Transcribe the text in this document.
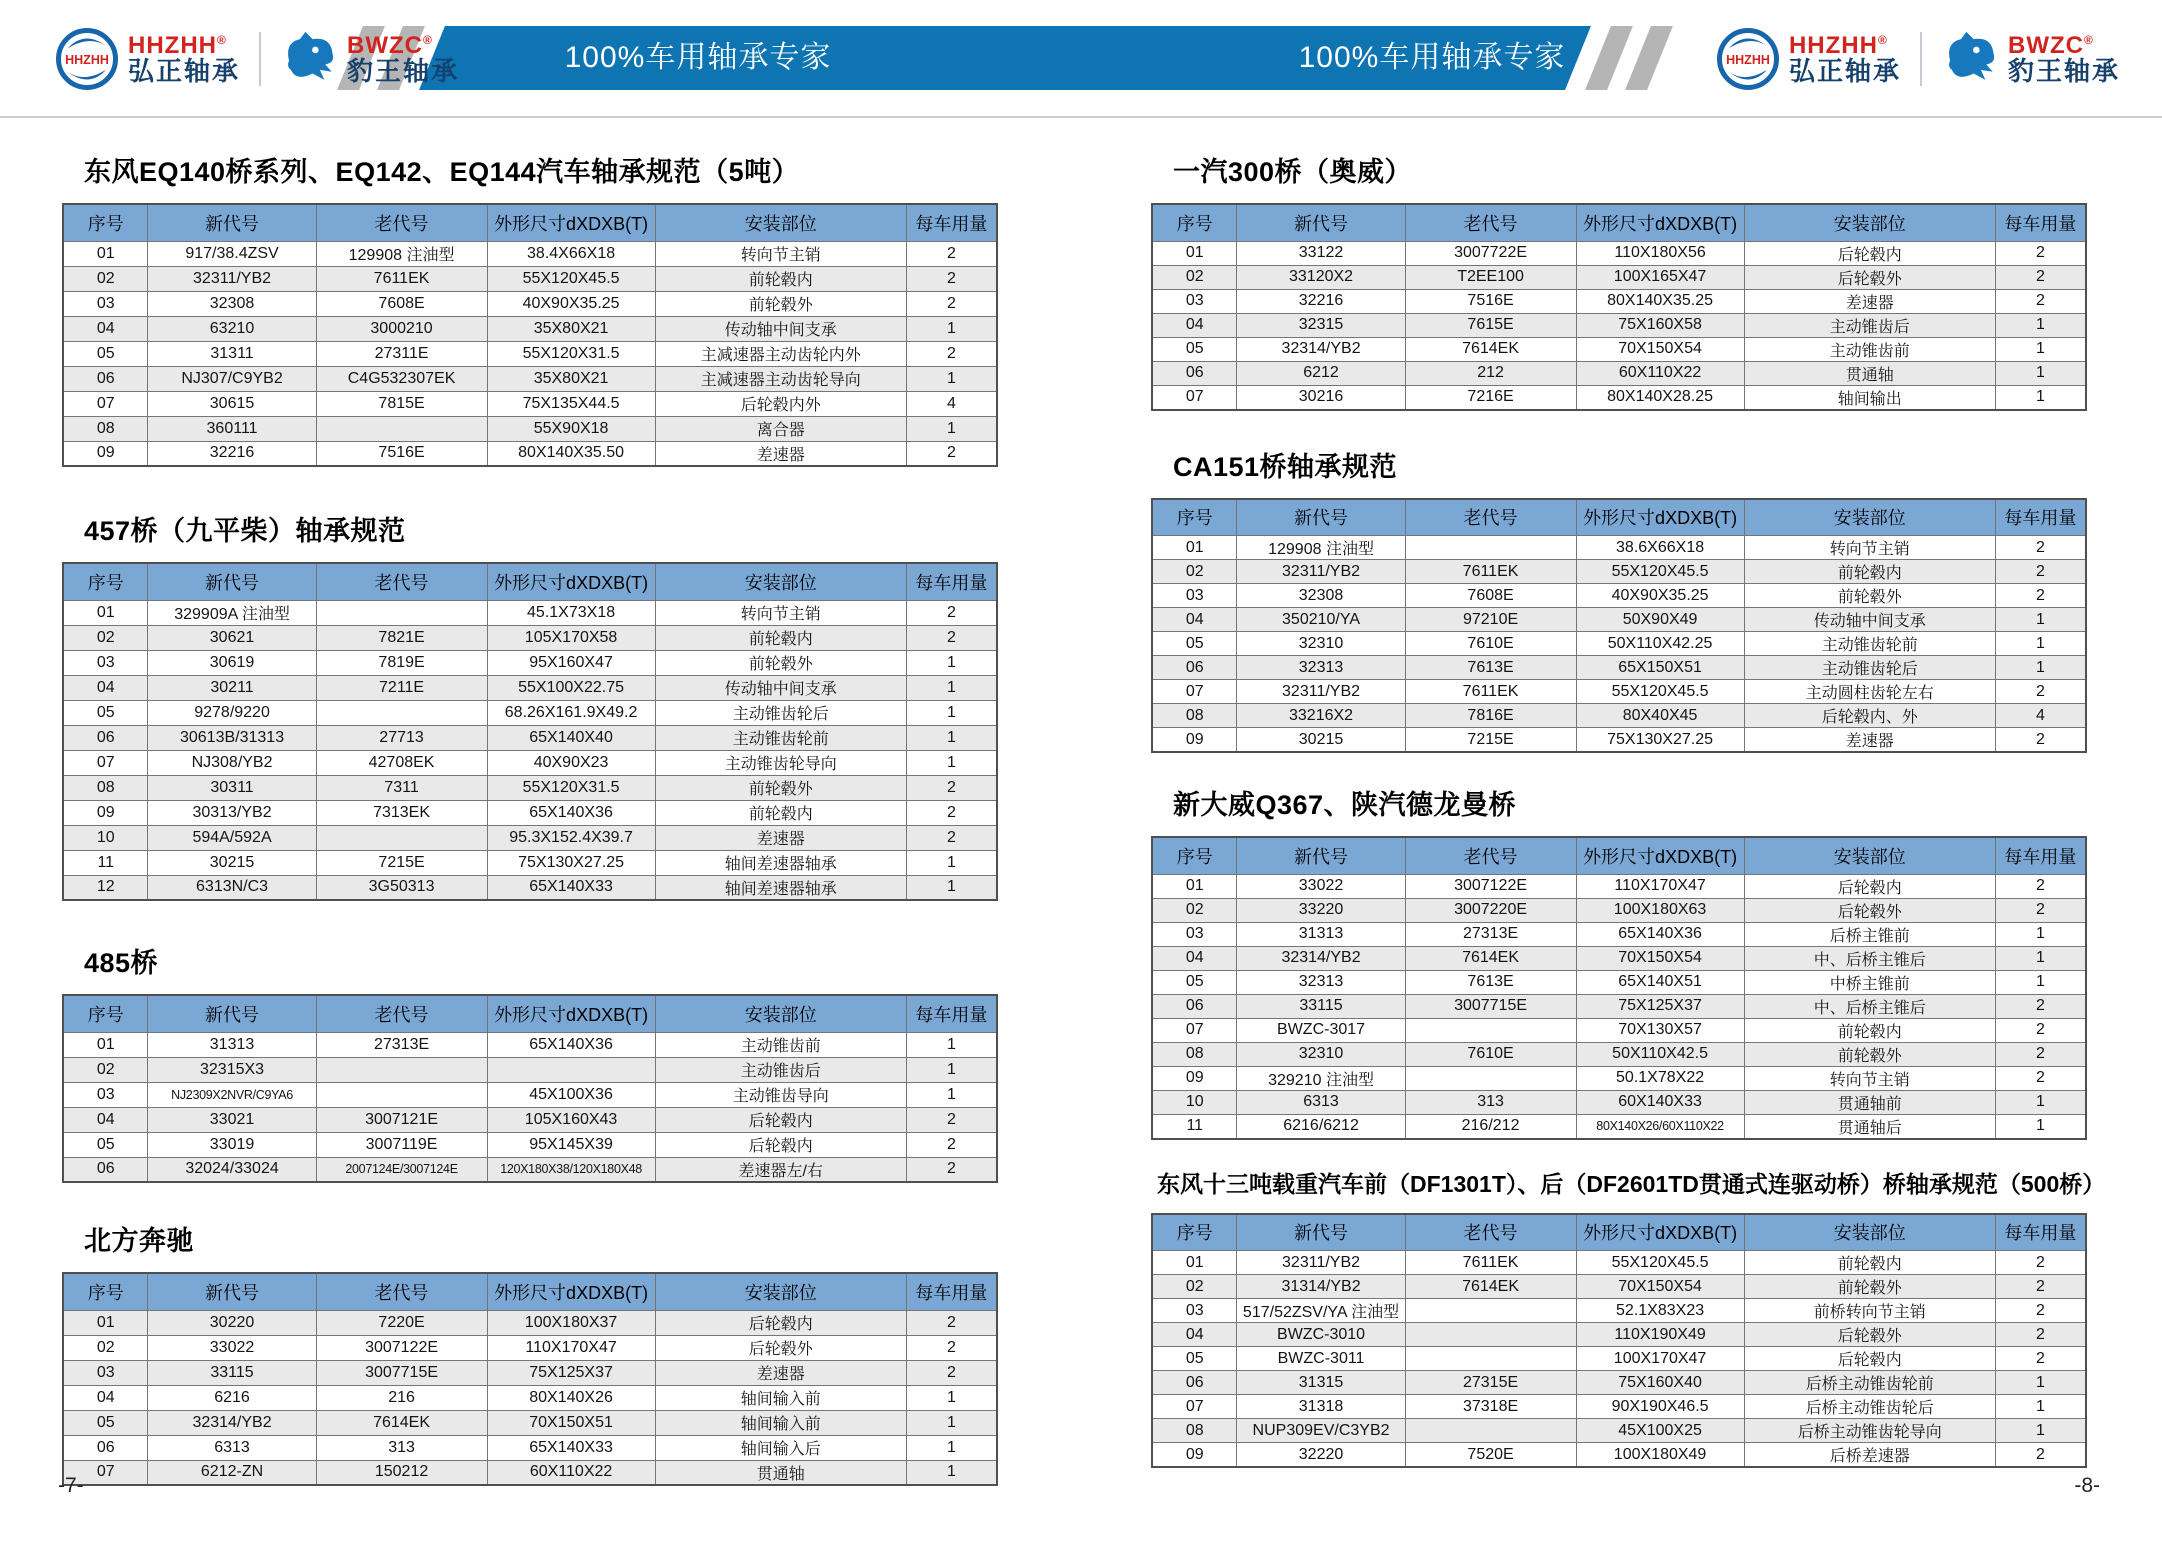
100%车用轴承专家	100%车用轴承专家
HHZHH
HHZHH®
弘正轴承
BWZC®
豹王轴承	HHZHH
HHZHH®
弘正轴承
BWZC®
豹王轴承
东风EQ140桥系列、EQ142、EQ144汽车轴承规范（5吨）
序号	新代号	老代号	外形尺寸dXDXB(T)	安装部位	每车用量
01	917/38.4ZSV	129908 注油型	38.4X66X18	转向节主销	2
02	32311/YB2	7611EK	55X120X45.5	前轮毂内	2
03	32308	7608E	40X90X35.25	前轮毂外	2
04	63210	3000210	35X80X21	传动轴中间支承	1
05	31311	27311E	55X120X31.5	主减速器主动齿轮内外	2
06	NJ307/C9YB2	C4G532307EK	35X80X21	主减速器主动齿轮导向	1
07	30615	7815E	75X135X44.5	后轮毂内外	4
08	360111		55X90X18	离合器	1
09	32216	7516E	80X140X35.50	差速器	2
457桥（九平柴）轴承规范
序号	新代号	老代号	外形尺寸dXDXB(T)	安装部位	每车用量
01	329909A 注油型		45.1X73X18	转向节主销	2
02	30621	7821E	105X170X58	前轮毂内	2
03	30619	7819E	95X160X47	前轮毂外	1
04	30211	7211E	55X100X22.75	传动轴中间支承	1
05	9278/9220		68.26X161.9X49.2	主动锥齿轮后	1
06	30613B/31313	27713	65X140X40	主动锥齿轮前	1
07	NJ308/YB2	42708EK	40X90X23	主动锥齿轮导向	1
08	30311	7311	55X120X31.5	前轮毂外	2
09	30313/YB2	7313EK	65X140X36	前轮毂内	2
10	594A/592A		95.3X152.4X39.7	差速器	2
11	30215	7215E	75X130X27.25	轴间差速器轴承	1
12	6313N/C3	3G50313	65X140X33	轴间差速器轴承	1
485桥
序号	新代号	老代号	外形尺寸dXDXB(T)	安装部位	每车用量
01	31313	27313E	65X140X36	主动锥齿前	1
02	32315X3			主动锥齿后	1
03	NJ2309X2NVR/C9YA6		45X100X36	主动锥齿导向	1
04	33021	3007121E	105X160X43	后轮毂内	2
05	33019	3007119E	95X145X39	后轮毂内	2
06	32024/33024	2007124E/3007124E	120X180X38/120X180X48	差速器左/右	2
北方奔驰
序号	新代号	老代号	外形尺寸dXDXB(T)	安装部位	每车用量
01	30220	7220E	100X180X37	后轮毂内	2
02	33022	3007122E	110X170X47	后轮毂外	2
03	33115	3007715E	75X125X37	差速器	2
04	6216	216	80X140X26	轴间输入前	1
05	32314/YB2	7614EK	70X150X51	轴间输入前	1
06	6313	313	65X140X33	轴间输入后	1
07	6212-ZN	150212	60X110X22	贯通轴	1
一汽300桥（奥威）
序号	新代号	老代号	外形尺寸dXDXB(T)	安装部位	每车用量
01	33122	3007722E	110X180X56	后轮毂内	2
02	33120X2	T2EE100	100X165X47	后轮毂外	2
03	32216	7516E	80X140X35.25	差速器	2
04	32315	7615E	75X160X58	主动锥齿后	1
05	32314/YB2	7614EK	70X150X54	主动锥齿前	1
06	6212	212	60X110X22	贯通轴	1
07	30216	7216E	80X140X28.25	轴间输出	1
CA151桥轴承规范
序号	新代号	老代号	外形尺寸dXDXB(T)	安装部位	每车用量
01	129908 注油型		38.6X66X18	转向节主销	2
02	32311/YB2	7611EK	55X120X45.5	前轮毂内	2
03	32308	7608E	40X90X35.25	前轮毂外	2
04	350210/YA	97210E	50X90X49	传动轴中间支承	1
05	32310	7610E	50X110X42.25	主动锥齿轮前	1
06	32313	7613E	65X150X51	主动锥齿轮后	1
07	32311/YB2	7611EK	55X120X45.5	主动圆柱齿轮左右	2
08	33216X2	7816E	80X40X45	后轮毂内、外	4
09	30215	7215E	75X130X27.25	差速器	2
新大威Q367、陕汽德龙曼桥
序号	新代号	老代号	外形尺寸dXDXB(T)	安装部位	每车用量
01	33022	3007122E	110X170X47	后轮毂内	2
02	33220	3007220E	100X180X63	后轮毂外	2
03	31313	27313E	65X140X36	后桥主锥前	1
04	32314/YB2	7614EK	70X150X54	中、后桥主锥后	1
05	32313	7613E	65X140X51	中桥主锥前	1
06	33115	3007715E	75X125X37	中、后桥主锥后	2
07	BWZC-3017		70X130X57	前轮毂内	2
08	32310	7610E	50X110X42.5	前轮毂外	2
09	329210 注油型		50.1X78X22	转向节主销	2
10	6313	313	60X140X33	贯通轴前	1
11	6216/6212	216/212	80X140X26/60X110X22	贯通轴后	1
东风十三吨载重汽车前（DF1301T）、后（DF2601TD贯通式连驱动桥）桥轴承规范（500桥）
序号	新代号	老代号	外形尺寸dXDXB(T)	安装部位	每车用量
01	32311/YB2	7611EK	55X120X45.5	前轮毂内	2
02	31314/YB2	7614EK	70X150X54	前轮毂外	2
03	517/52ZSV/YA 注油型		52.1X83X23	前桥转向节主销	2
04	BWZC-3010		110X190X49	后轮毂外	2
05	BWZC-3011		100X170X47	后轮毂内	2
06	31315	27315E	75X160X40	后桥主动锥齿轮前	1
07	31318	37318E	90X190X46.5	后桥主动锥齿轮后	1
08	NUP309EV/C3YB2		45X100X25	后桥主动锥齿轮导向	1
09	32220	7520E	100X180X49	后桥差速器	2
-7-	-8-
